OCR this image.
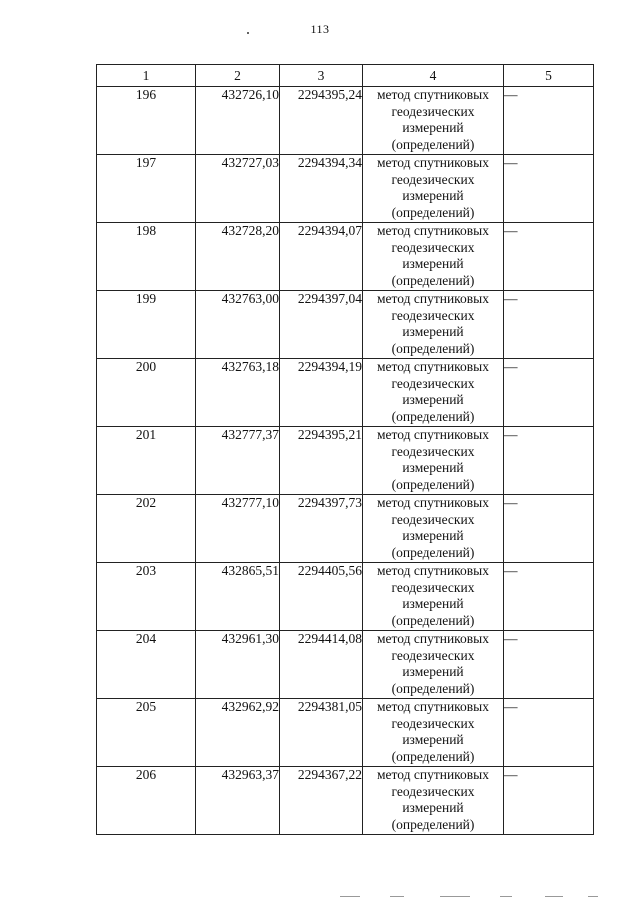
113
1	2	3	4	5
196	432726,10	2294395,24	метод спутниковых
геодезических
измерений
(определений)	—
197	432727,03	2294394,34	метод спутниковых
геодезических
измерений
(определений)	—
198	432728,20	2294394,07	метод спутниковых
геодезических
измерений
(определений)	—
199	432763,00	2294397,04	метод спутниковых
геодезических
измерений
(определений)	—
200	432763,18	2294394,19	метод спутниковых
геодезических
измерений
(определений)	—
201	432777,37	2294395,21	метод спутниковых
геодезических
измерений
(определений)	—
202	432777,10	2294397,73	метод спутниковых
геодезических
измерений
(определений)	—
203	432865,51	2294405,56	метод спутниковых
геодезических
измерений
(определений)	—
204	432961,30	2294414,08	метод спутниковых
геодезических
измерений
(определений)	—
205	432962,92	2294381,05	метод спутниковых
геодезических
измерений
(определений)	—
206	432963,37	2294367,22	метод спутниковых
геодезических
измерений
(определений)	—
